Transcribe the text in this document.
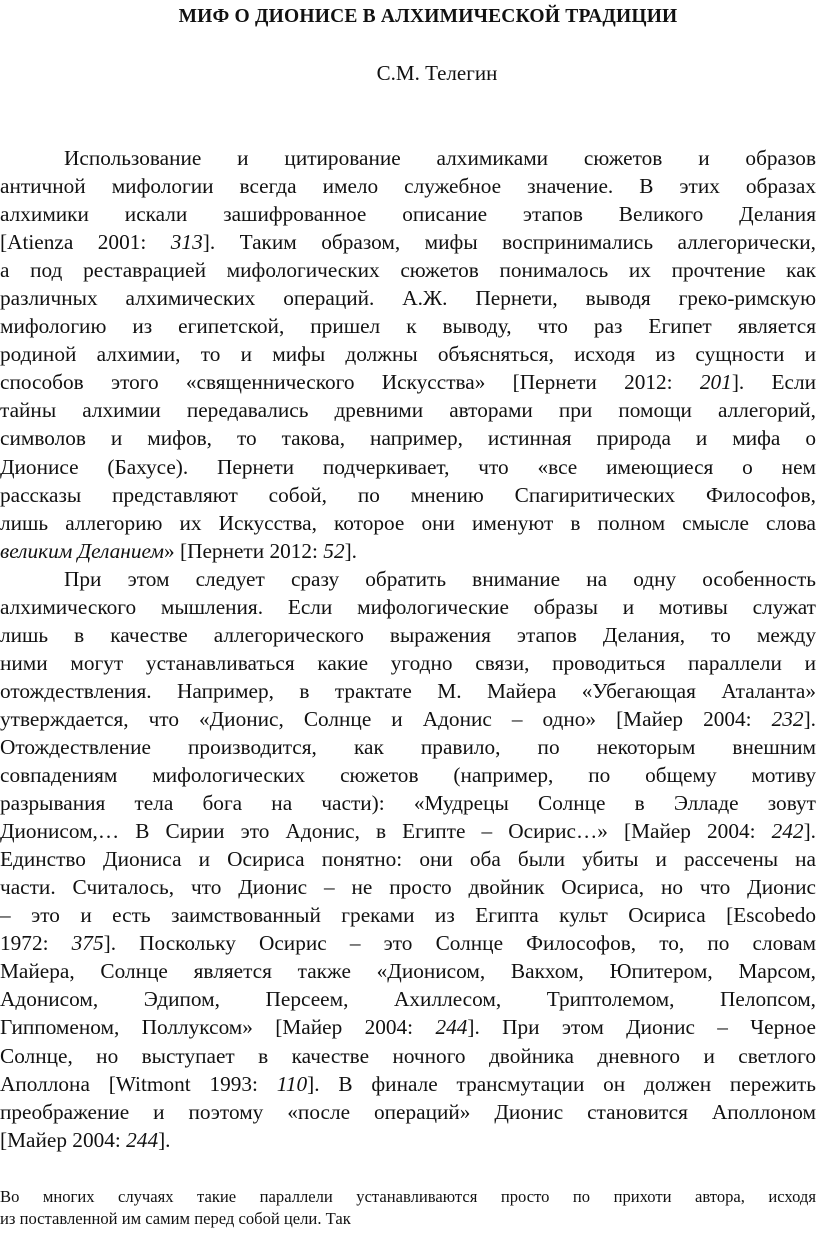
МИФ О ДИОНИСЕ В АЛХИМИЧЕСКОЙ ТРАДИЦИИ
С.М. Телегин

Использование и цитирование алхимиками сюжетов и образов
античной мифологии всегда имело служебное значение. В этих образах
алхимики искали зашифрованное описание этапов Великого Делания
[Atienza 2001: 313]. Таким образом, мифы воспринимались аллегорически,
а под реставрацией мифологических сюжетов понималось их прочтение как
различных алхимических операций. А.Ж. Пернети, выводя греко-римскую
мифологию из египетской, пришел к выводу, что раз Египет является
родиной алхимии, то и мифы должны объясняться, исходя из сущности и
способов этого «священнического Искусства» [Пернети 2012: 201]. Если
тайны алхимии передавались древними авторами при помощи аллегорий,
символов и мифов, то такова, например, истинная природа и мифа о
Дионисе (Бахусе). Пернети подчеркивает, что «все имеющиеся о нем
рассказы представляют собой, по мнению Спагиритических Философов,
лишь аллегорию их Искусства, которое они именуют в полном смысле слова
великим Деланием» [Пернети 2012: 52].

При этом следует сразу обратить внимание на одну особенность
алхимического мышления. Если мифологические образы и мотивы служат
лишь в качестве аллегорического выражения этапов Делания, то между
ними могут устанавливаться какие угодно связи, проводиться параллели и
отождествления. Например, в трактате М. Майера «Убегающая Аталанта»
утверждается, что «Дионис, Солнце и Адонис – одно» [Майер 2004: 232].
Отождествление производится, как правило, по некоторым внешним
совпадениям мифологических сюжетов (например, по общему мотиву
разрывания тела бога на части): «Мудрецы Солнце в Элладе зовут
Дионисом,… В Сирии это Адонис, в Египте – Осирис…» [Майер 2004: 242].
Единство Диониса и Осириса понятно: они оба были убиты и рассечены на
части. Считалось, что Дионис – не просто двойник Осириса, но что Дионис
– это и есть заимствованный греками из Египта культ Осириса [Escobedo
1972: 375]. Поскольку Осирис – это Солнце Философов, то, по словам
Майера, Солнце является также «Дионисом, Вакхом, Юпитером, Марсом,
Адонисом, Эдипом, Персеем, Ахиллесом, Триптолемом, Пелопсом,
Гиппоменом, Поллуксом» [Майер 2004: 244]. При этом Дионис – Черное
Солнце, но выступает в качестве ночного двойника дневного и светлого
Аполлона [Witmont 1993: 110]. В финале трансмутации он должен пережить
преображение и поэтому «после операций» Дионис становится Аполлоном
[Майер 2004: 244].

Во многих случаях такие параллели устанавливаются просто по прихоти автора, исходя
из поставленной им самим перед собой цели. Так
